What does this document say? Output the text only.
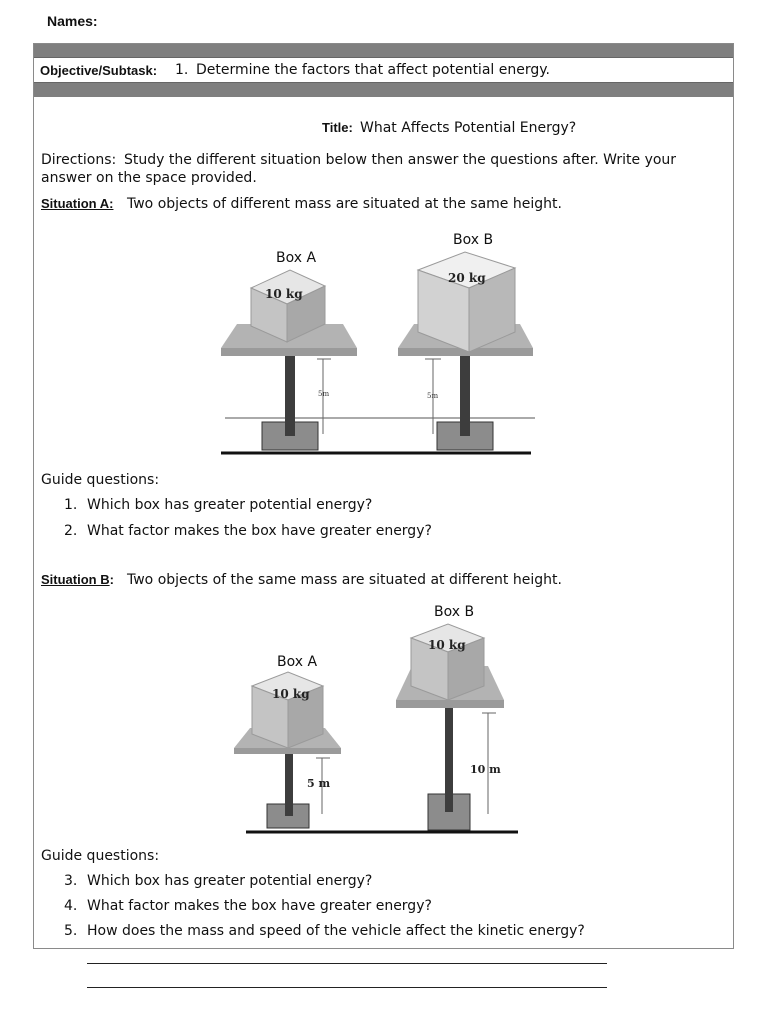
Names:
Objective/Subtask: 1. Determine the factors that affect potential energy.
Title: What Affects Potential Energy?
Directions: Study the different situation below then answer the questions after. Write your
answer on the space provided.
Situation A: Two objects of different mass are situated at the same height.
Box A
Box B
10 kg
5m
20 kg
5m
Guide questions:
1. Which box has greater potential energy?
2. What factor makes the box have greater energy?
Situation B: Two objects of the same mass are situated at different height.
Box B
Box A
10 kg
5 m
10 kg
10 m
Guide questions:
3. Which box has greater potential energy?
4. What factor makes the box have greater energy?
5. How does the mass and speed of the vehicle affect the kinetic energy?
